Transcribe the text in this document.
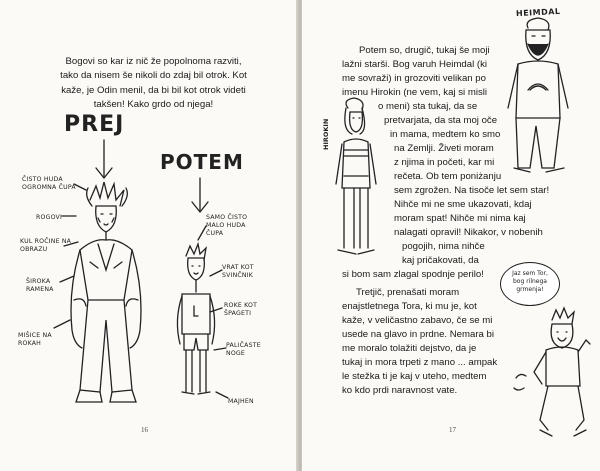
Bogovi so kar iz nič že popolnoma razviti,
tako da nisem še nikoli do zdaj bil otrok. Kot
kaže, je Odin menil, da bi bil kot otrok videti
takšen! Kako grdo od njega!
PREJ
POTEM
ČISTO HUDA OGROMNA ČUPA
ROGOVI
KUL ROČINE NA OBRAZU
ŠIROKA RAMENA
MIŠICE NA ROKAH
SAMO ČISTO MALO HUDA ČUPA
VRAT KOT SVINČNIK
ROKE KOT ŠPAGETI
PALIČASTE NOGE
MAJHEN
16
Potem so, drugič, tukaj še moji
lažni starši. Bog varuh Heimdal (ki
me sovraži) in grozoviti velikan po
imenu Hirokin (ne vem, kaj si misli
o meni) sta tukaj, da se
pretvarjata, da sta moj oče
in mama, medtem ko smo
na Zemlji. Živeti moram
z njima in početi, kar mi
rečeta. Ob tem poniżanju
sem zgrožen. Na tisoče let sem star!
Nihče mi ne sme ukazovati, kdaj
moram spat! Nihče mi nima kaj
nalagati opravil! Nikakor, v nobenih
pogojih, nima nihče
kaj pričakovati, da
si bom sam zlagal spodnje perilo!
Tretjič, prenašati moram
enajstletnega Tora, ki mu je, kot
kaže, v veličastno zabavo, če se mi
usede na glavo in prdne. Nemara bi
me moralo tolažiti dejstvo, da je
tukaj in mora trpeti z mano ... ampak
le stežka ti je kaj v uteho, medtem
ko kdo prdi naravnost vate.
HEIMDAL
HIROKIN
Jaz sem Tor,
bog rilnega
grmenja!
17
